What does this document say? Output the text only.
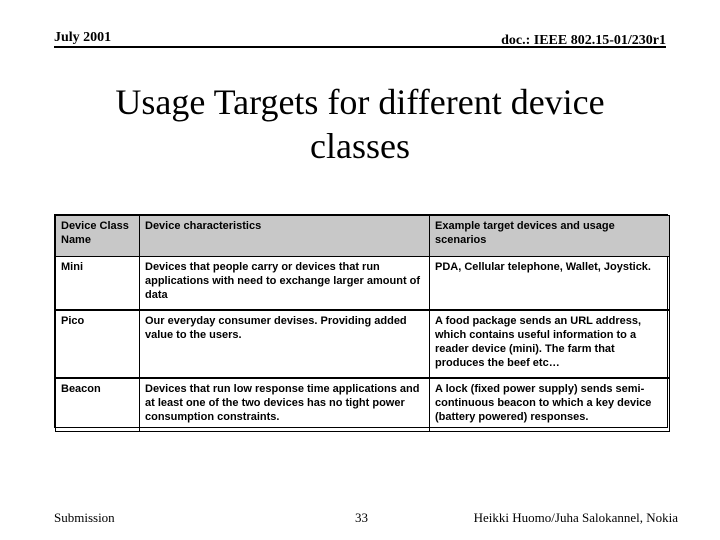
July 2001	doc.: IEEE 802.15-01/230r1
Usage Targets for different device
classes
Device Class Name	Device characteristics	Example target devices and usage scenarios
Mini	Devices that people carry or devices that run applications with need to exchange larger amount of data	PDA, Cellular telephone, Wallet, Joystick.
Pico	Our everyday consumer devises. Providing added value to the users.	A food package sends an URL address, which contains useful information to a reader device (mini). The farm that produces the beef etc…
Beacon	Devices that run low response time applications and at least one of the two devices has no tight power consumption constraints.	A lock (fixed power supply) sends semi-continuous beacon to which a key device (battery powered) responses.
Submission	33	Heikki Huomo/Juha Salokannel, Nokia
